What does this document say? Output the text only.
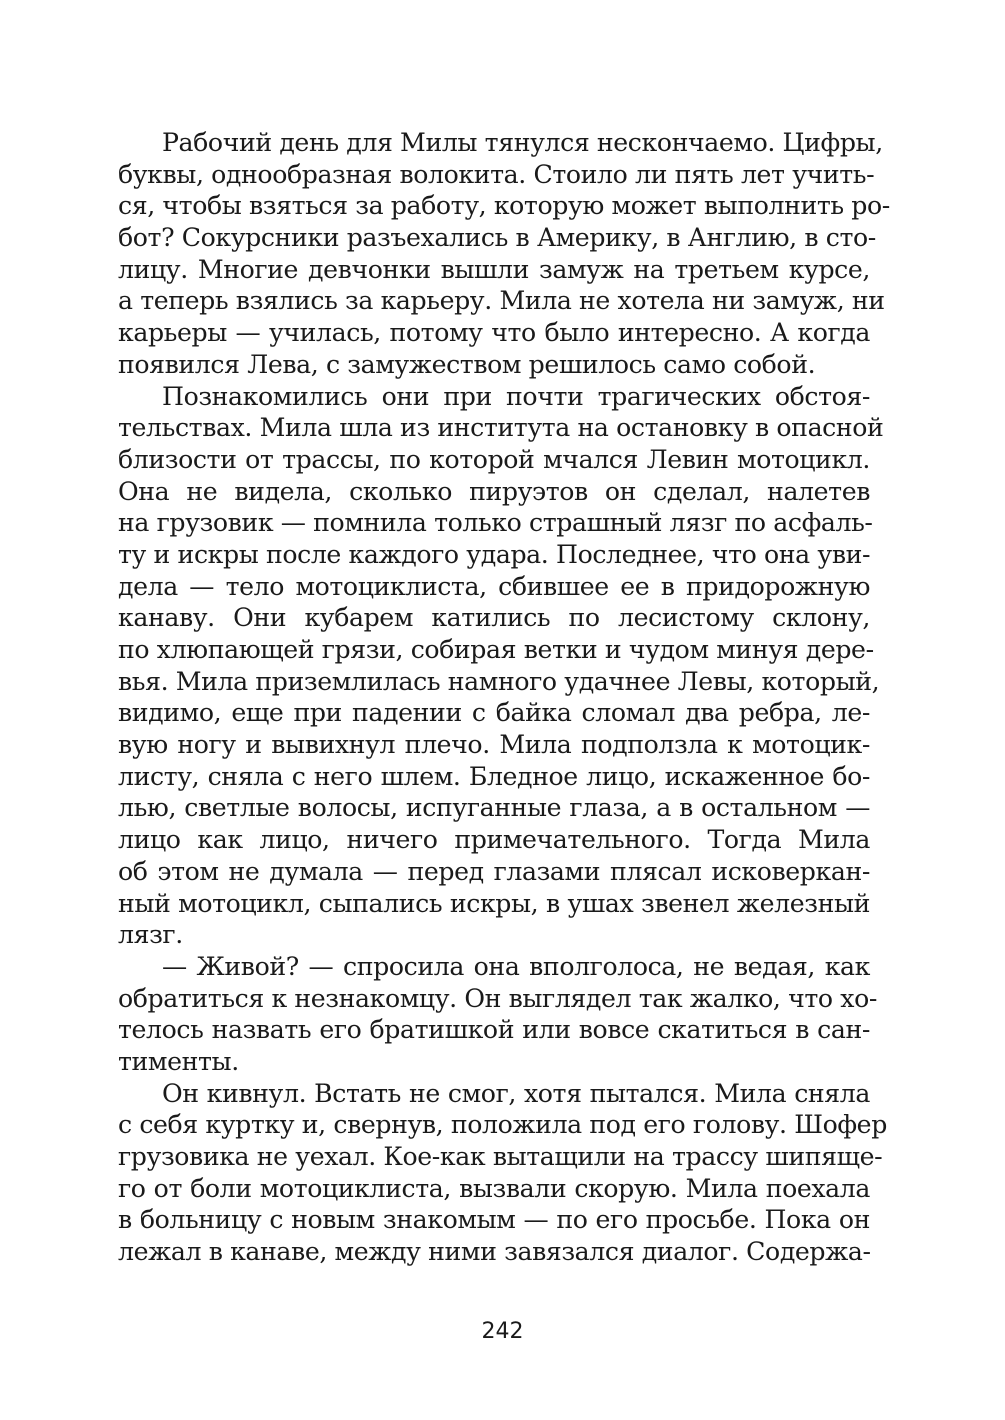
Рабочий день для Милы тянулся нескончаемо. Цифры,
буквы, однообразная волокита. Стоило ли пять лет учить-
ся, чтобы взяться за работу, которую может выполнить ро-
бот? Сокурсники разъехались в Америку, в Англию, в сто-
лицу. Многие девчонки вышли замуж на третьем курсе,
а теперь взялись за карьеру. Мила не хотела ни замуж, ни
карьеры — училась, потому что было интересно. А когда
появился Лева, с замужеством решилось само собой.
Познакомились они при почти трагических обстоя-
тельствах. Мила шла из института на остановку в опасной
близости от трассы, по которой мчался Левин мотоцикл.
Она не видела, сколько пируэтов он сделал, налетев
на грузовик — помнила только страшный лязг по асфаль-
ту и искры после каждого удара. Последнее, что она уви-
дела — тело мотоциклиста, сбившее ее в придорожную
канаву. Они кубарем катились по лесистому склону,
по хлюпающей грязи, собирая ветки и чудом минуя дере-
вья. Мила приземлилась намного удачнее Левы, который,
видимо, еще при падении с байка сломал два ребра, ле-
вую ногу и вывихнул плечо. Мила подползла к мотоцик-
листу, сняла с него шлем. Бледное лицо, искаженное бо-
лью, светлые волосы, испуганные глаза, а в остальном —
лицо как лицо, ничего примечательного. Тогда Мила
об этом не думала — перед глазами плясал исковеркан-
ный мотоцикл, сыпались искры, в ушах звенел железный
лязг.
— Живой? — спросила она вполголоса, не ведая, как
обратиться к незнакомцу. Он выглядел так жалко, что хо-
телось назвать его братишкой или вовсе скатиться в сан-
тименты.
Он кивнул. Встать не смог, хотя пытался. Мила сняла
с себя куртку и, свернув, положила под его голову. Шофер
грузовика не уехал. Кое-как вытащили на трассу шипяще-
го от боли мотоциклиста, вызвали скорую. Мила поехала
в больницу с новым знакомым — по его просьбе. Пока он
лежал в канаве, между ними завязался диалог. Содержа-
242
